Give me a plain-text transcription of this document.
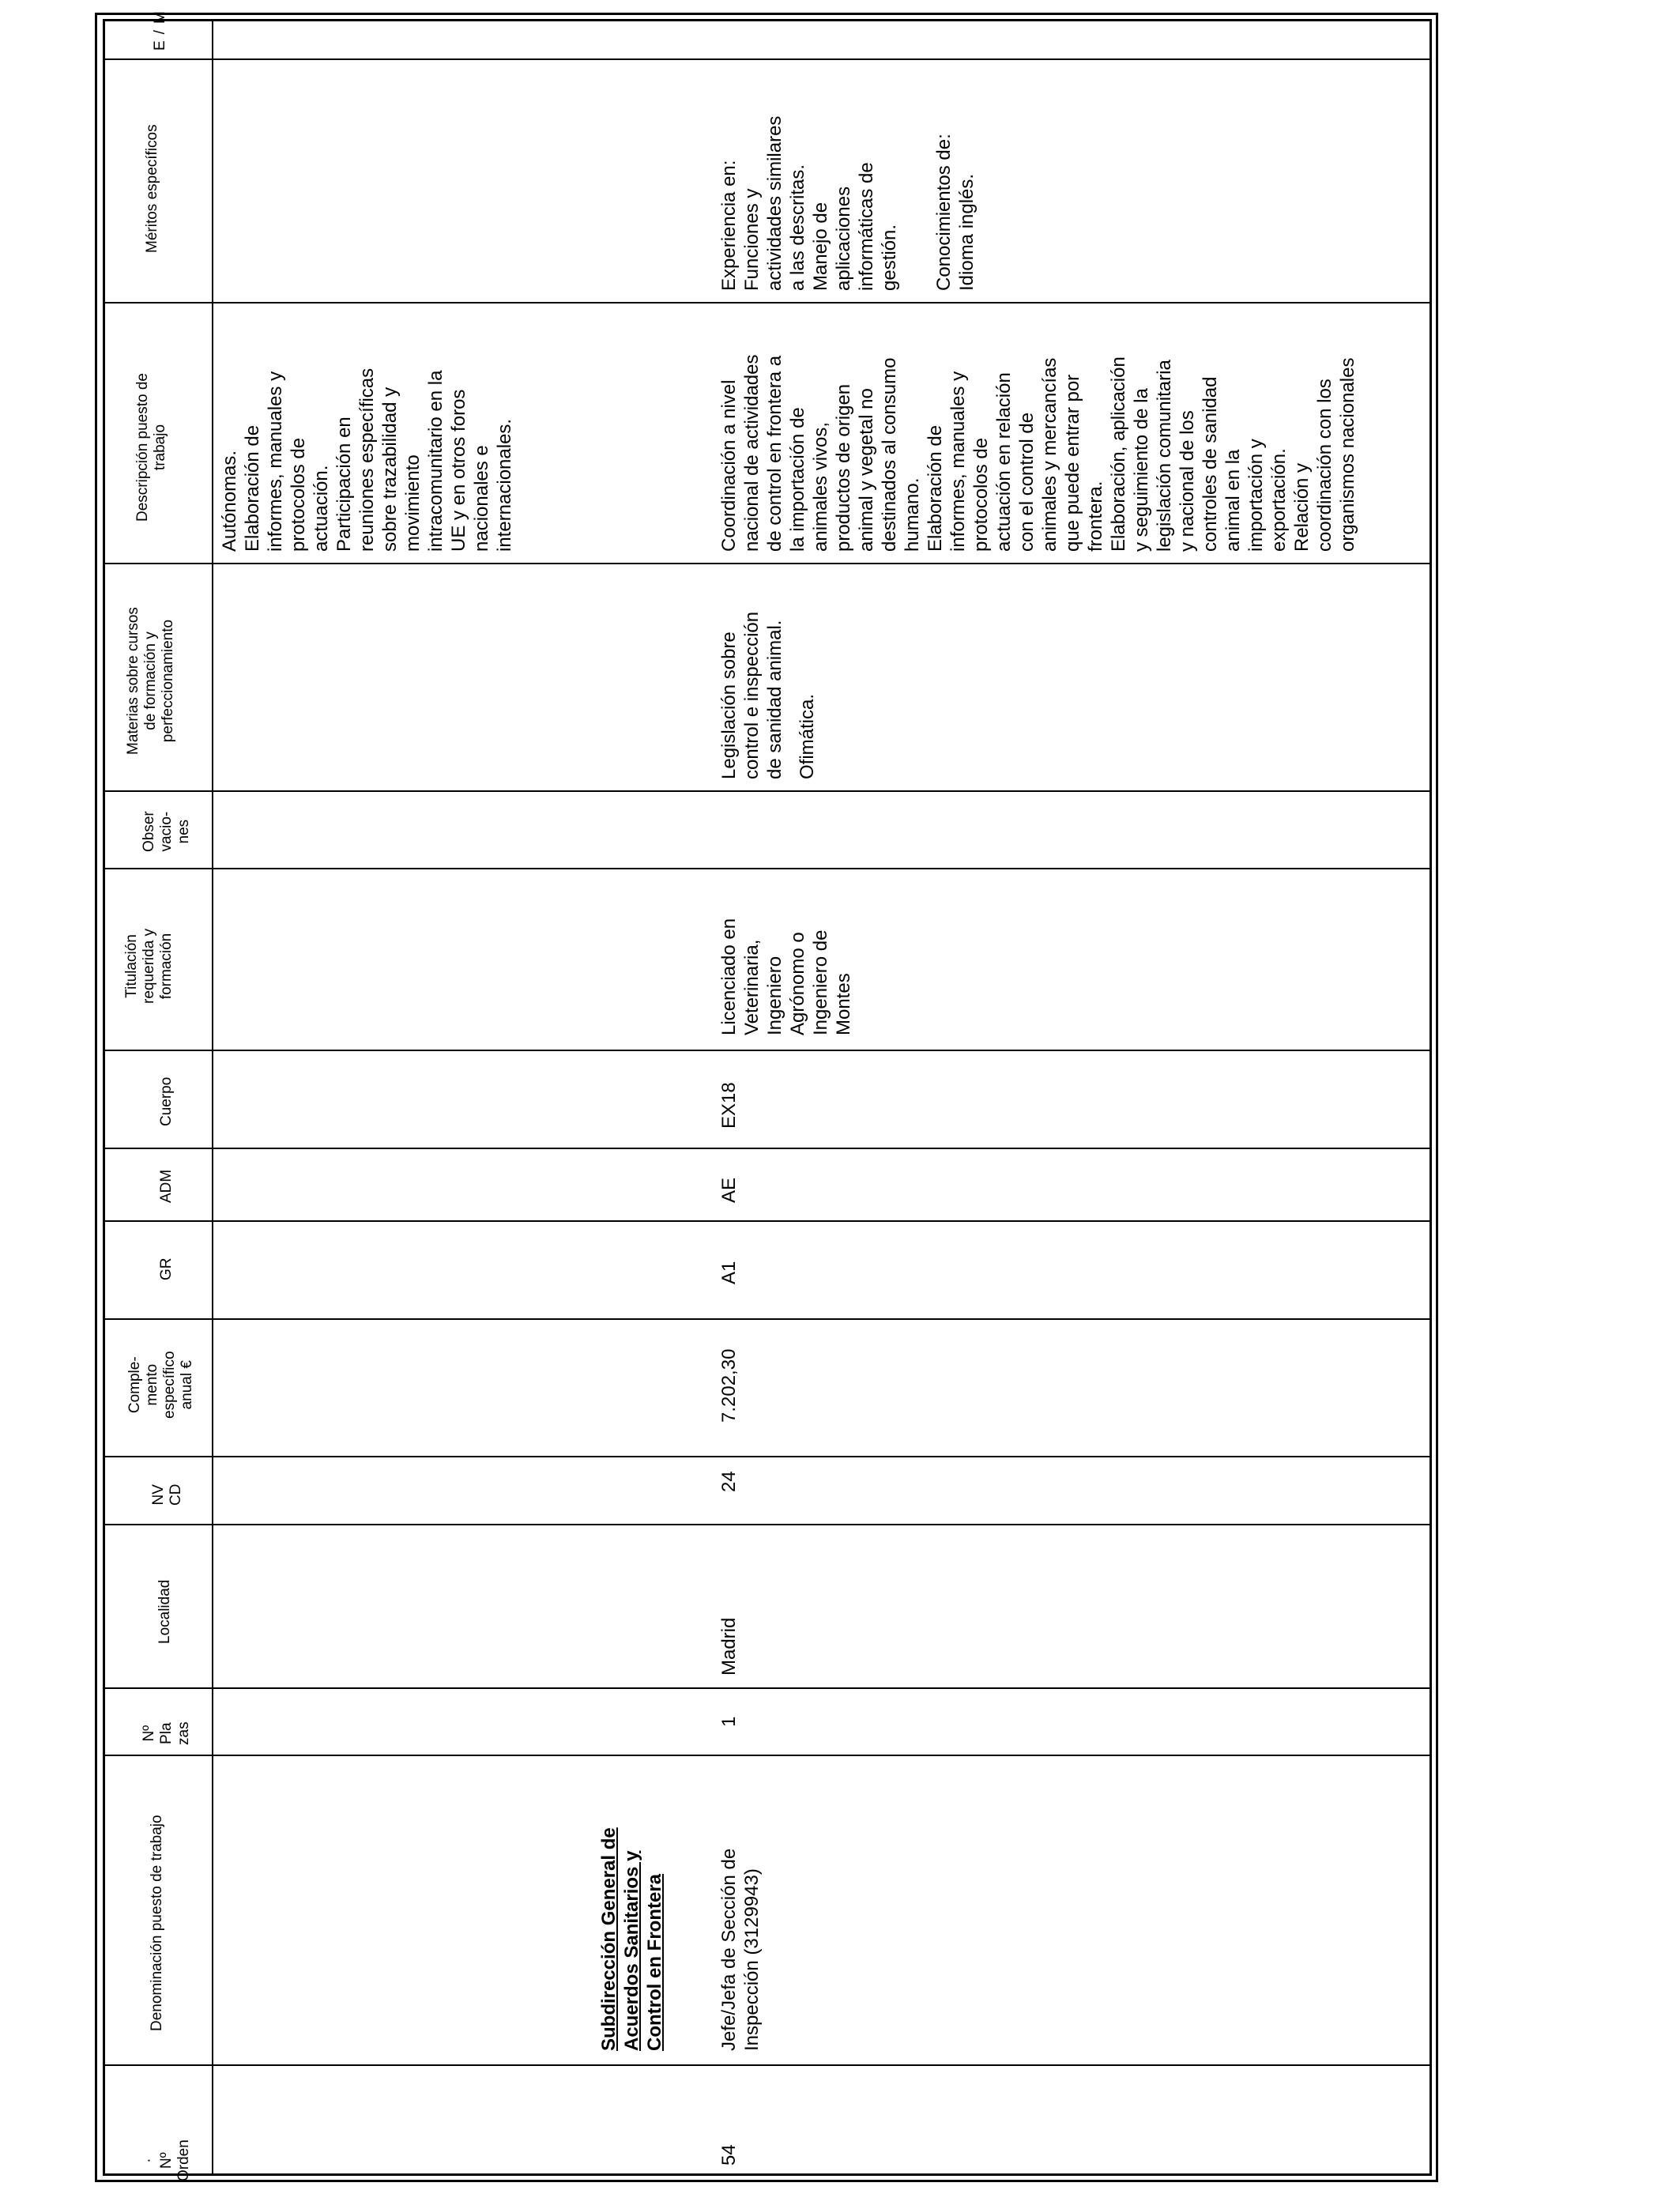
· Nº Orden
Denominación puesto de trabajo
Nº Pla zas
Localidad
NV CD
Comple- mento específico anual €
GR
ADM
Cuerpo
Titulación requerida y formación
Obser vacio- nes
Materias sobre cursos de formación y perfeccionamiento
Descripción puesto de trabajo
Méritos específicos
E
/
M
Autónomas.
Elaboración de
informes, manuales y
protocolos de
actuación.
Participación en
reuniones específicas
sobre trazabilidad y
movimiento
intracomunitario en la
UE y en otros foros
nacionales e
internacionales.
Subdirección General de
Acuerdos Sanitarios y
Control en Frontera
54
Jefe/Jefa de Sección de
Inspección (3129943)
1
Madrid
24
7.202,30
A1
AE
EX18
Licenciado en
Veterinaria,
Ingeniero
Agrónomo o
Ingeniero de
Montes
Legislación sobre
control e inspección
de sanidad animal.
Ofimática.
Coordinación a nivel
nacional de actividades
de control en frontera a
la importación de
animales vivos,
productos de origen
animal y vegetal no
destinados al consumo
humano.
Elaboración de
informes, manuales y
protocolos de
actuación en relación
con el control de
animales y mercancías
que puede entrar por
frontera.
Elaboración, aplicación
y seguimiento de la
legislación comunitaria
y nacional de los
controles de sanidad
animal en la
importación y
exportación.
Relación y
coordinación con los
organismos nacionales
Experiencia en:
Funciones y
actividades similares
a las descritas.
Manejo de
aplicaciones
informáticas de
gestión. Conocimientos de:
Idioma inglés.
